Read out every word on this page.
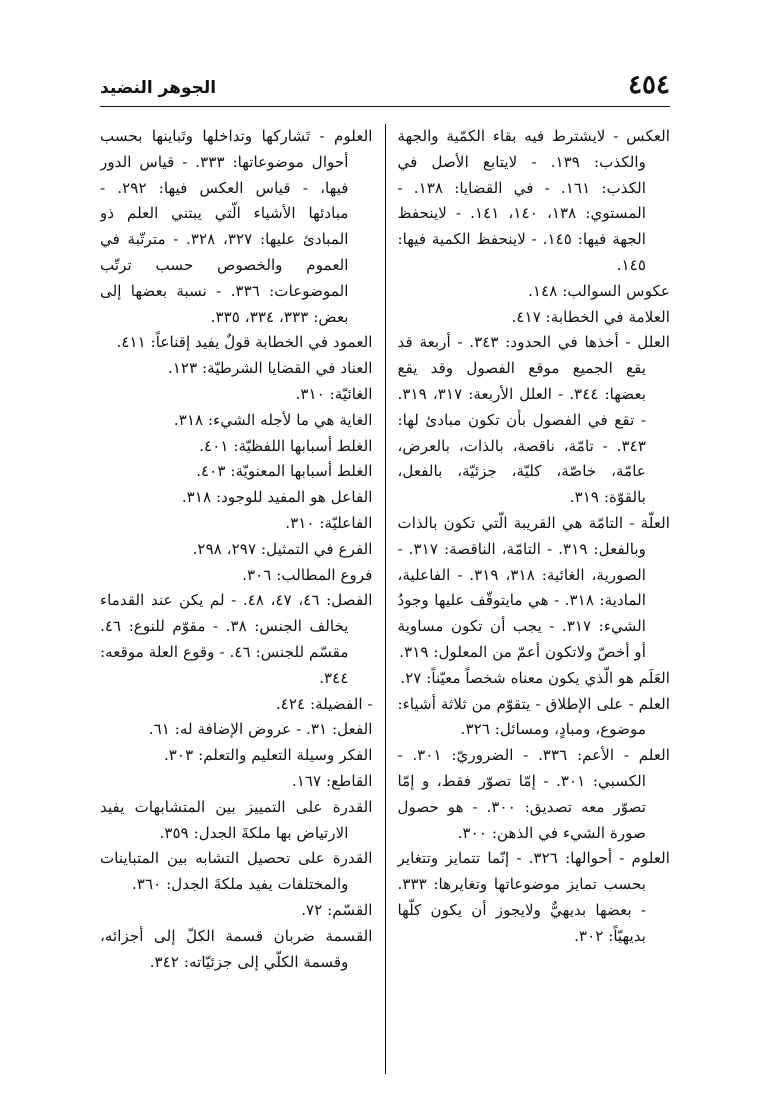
٤٥٤
الجوهر النضيد

العكس - لايشترط فيه بقاء الكمّية والجهة والكذب: ١٣٩. - لايتابع الأصل في الكذب: ١٦١. - في القضايا: ١٣٨. - المستوي: ١٣٨، ١٤٠، ١٤١. - لاينحفظ الجهة فيها: ١٤٥. - لاينحفظ الكمية فيها: ١٤٥.

عكوس السوالب: ١٤٨.

العلامة في الخطابة: ٤١٧.

العلل - أخذها في الحدود: ٣٤٣. - أربعة قد يقع الجميع موقع الفصول وقد يقع بعضها: ٣٤٤. - العلل الأربعة: ٣١٧، ٣١٩. - تقع في الفصول بأن تكون مبادئ لها: ٣٤٣. - تامّة، ناقصة، بالذات، بالعرض، عامّة، خاصّة، كليّة، جزئيّة، بالفعل، بالقوّة: ٣١٩.

العلّة - التامّة هي القريبة الّتي تكون بالذات وبالفعل: ٣١٩. - التامّة، الناقصة: ٣١٧. - الصورية، الغائية: ٣١٨، ٣١٩. - الفاعلية، المادية: ٣١٨. - هي مايتوقّف عليها وجودُ الشيء: ٣١٧. - يجب أن تكون مساوية أو أخصّ ولاتكون أعمّ من المعلول: ٣١٩.

العَلَم هو الّذي يكون معناه شخصاً معيّناً: ٢٧.

العلم - على الإطلاق - يتقوّم من ثلاثة أشياء: موضوع، ومبادٍ، ومسائل: ٣٢٦.

العلم - الأعم: ٣٣٦. - الضروريّ: ٣٠١. - الكسبي: ٣٠١. - إمّا تصوّر فقط، و إمّا تصوّر معه تصديق: ٣٠٠. - هو حصول صورة الشيء في الذهن: ٣٠٠.

العلوم - أحوالها: ٣٢٦. - إنّما تتمايز وتتغاير بحسب تمايز موضوعاتها وتغايرها: ٣٣٣. - بعضها بديهيٌّ ولايجوز أن يكون كلّها بديهيّاً: ٣٠٢.

العلوم - تَشاركها وتداخلها وتَباينها بحسب أحوال موضوعاتها: ٣٣٣. - قياس الدور فيها، - قياس العكس فيها: ٢٩٢. - مبادئها الأشياء الّتي يبتني العلم ذو المبادئ عليها: ٣٢٧، ٣٢٨. - مترتّبة في العموم والخصوص حسب ترتّب الموضوعات: ٣٣٦. - نسبة بعضها إلى بعض: ٣٣٣، ٣٣٤، ٣٣٥.

العمود في الخطابة قولٌ يفيد إقناعاً: ٤١١.

العناد في القضايا الشرطيّة: ١٢٣.

الغائيّة: ٣١٠.

الغاية هي ما لأجله الشيء: ٣١٨.

الغلط أسبابها اللفظيّة: ٤٠١.

الغلط أسبابها المعنويّة: ٤٠٣.

الفاعل هو المفيد للوجود: ٣١٨.

الفاعليّة: ٣١٠.

الفرع في التمثيل: ٢٩٧، ٢٩٨.

فروع المطالب: ٣٠٦.

الفصل: ٤٦، ٤٧، ٤٨. - لم يكن عند القدماء يخالف الجنس: ٣٨. - مقوّم للنوع: ٤٦. مقسّم للجنس: ٤٦. - وقوع العلة موقعه: ٣٤٤.

- الفضيلة: ٤٢٤.

الفعل: ٣١. - عروض الإضافة له: ٦١.

الفكر وسيلة التعليم والتعلم: ٣٠٣.

القاطع: ١٦٧.

القدرة على التمييز بين المتشابهات يفيد الارتياض بها ملكةَ الجدل: ٣٥٩.

القدرة على تحصيل التشابه بين المتباينات والمختلفات يفيد ملكةَ الجدل: ٣٦٠.

القسّم: ٧٢.

القسمة ضربان قسمة الكلّ إلى أجزائه، وقسمة الكلّي إلى جزئيّاته: ٣٤٢.
